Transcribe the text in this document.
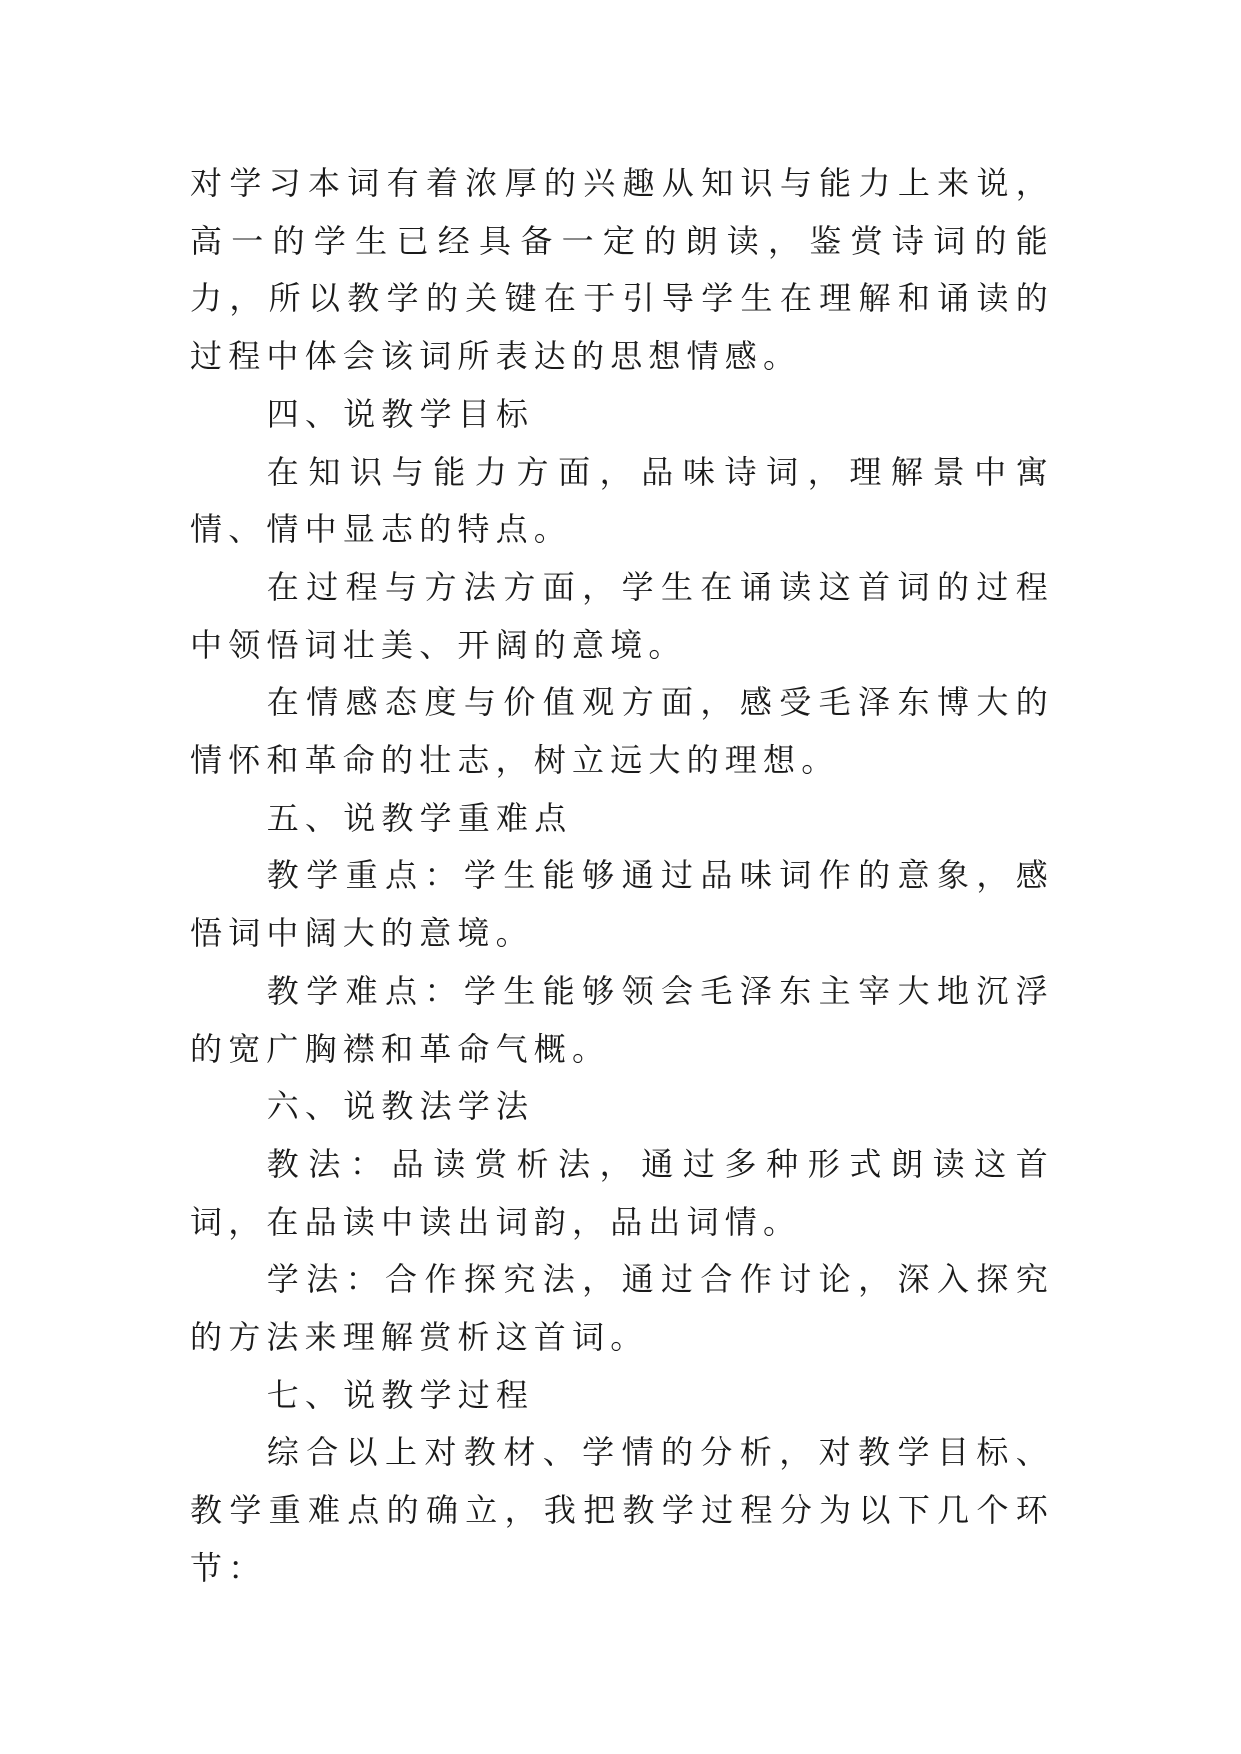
对学习本词有着浓厚的兴趣从知识与能力上来说，高一的学生已经具备一定的朗读，鉴赏诗词的能力，所以教学的关键在于引导学生在理解和诵读的过程中体会该词所表达的思想情感。

四、说教学目标

在知识与能力方面，品味诗词，理解景中寓情、情中显志的特点。

在过程与方法方面，学生在诵读这首词的过程中领悟词壮美、开阔的意境。

在情感态度与价值观方面，感受毛泽东博大的情怀和革命的壮志，树立远大的理想。

五、说教学重难点

教学重点：学生能够通过品味词作的意象，感悟词中阔大的意境。

教学难点：学生能够领会毛泽东主宰大地沉浮的宽广胸襟和革命气概。

六、说教法学法

教法：品读赏析法，通过多种形式朗读这首词，在品读中读出词韵，品出词情。

学法：合作探究法，通过合作讨论，深入探究的方法来理解赏析这首词。

七、说教学过程

综合以上对教材、学情的分析，对教学目标、教学重难点的确立，我把教学过程分为以下几个环节：
